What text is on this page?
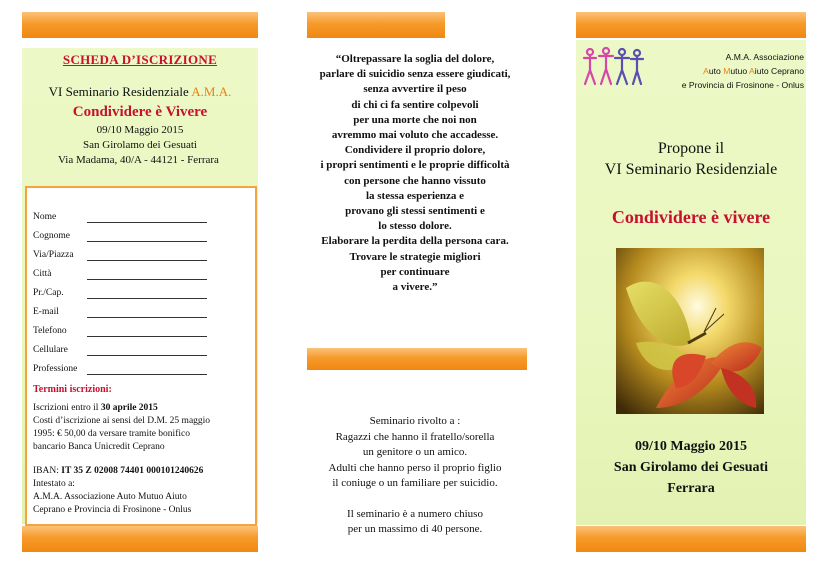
SCHEDA D’ISCRIZIONE
VI Seminario Residenziale A.M.A.
Condividere è Vivere
09/10 Maggio 2015
San Girolamo dei Gesuati
Via Madama, 40/A - 44121 - Ferrara
Nome
Cognome
Via/Piazza
Città
Pr./Cap.
E-mail
Telefono
Cellulare
Professione
Termini iscrizioni:
Iscrizioni entro il 30 aprile 2015
Costi d’iscrizione ai sensi del D.M. 25 maggio
1995: € 50,00 da versare tramite bonifico
bancario Banca Unicredit Ceprano
IBAN: IT 35 Z 02008 74401 000101240626
Intestato a:
A.M.A. Associazione Auto Mutuo Aiuto
Ceprano e Provincia di Frosinone - Onlus
“Oltrepassare la soglia del dolore,
parlare di suicidio senza essere giudicati,
senza avvertire il peso
di chi ci fa sentire colpevoli
per una morte che noi non
avremmo mai voluto che accadesse.
Condividere il proprio dolore,
i propri sentimenti e le proprie difficoltà
con persone che hanno vissuto
la stessa esperienza e
provano gli stessi sentimenti e
lo stesso dolore.
Elaborare la perdita della persona cara.
Trovare le strategie migliori
per continuare
a vivere.”
Seminario rivolto a :
Ragazzi che hanno il fratello/sorella
un genitore o un amico.
Adulti che hanno perso il proprio figlio
il coniuge o un familiare per suicidio.
Il seminario è a numero chiuso
per un massimo di 40 persone.
A.M.A. Associazione
Auto Mutuo Aiuto Ceprano
e Provincia di Frosinone - Onlus
Propone il
VI Seminario Residenziale
Condividere è vivere
09/10 Maggio 2015
San Girolamo dei Gesuati
Ferrara
